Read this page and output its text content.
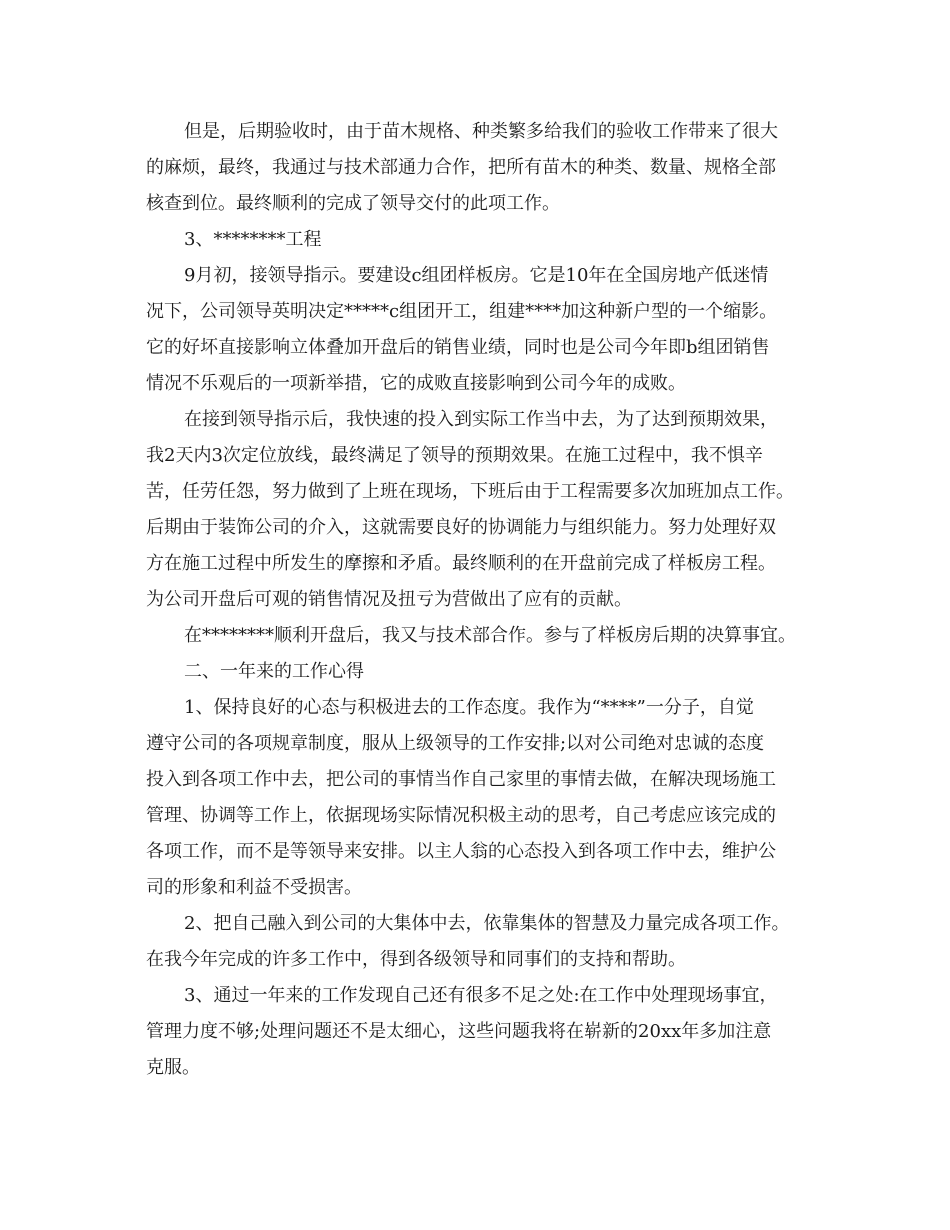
但是，后期验收时，由于苗木规格、种类繁多给我们的验收工作带来了很大
的麻烦，最终，我通过与技术部通力合作，把所有苗木的种类、数量、规格全部
核查到位。最终顺利的完成了领导交付的此项工作。
3、********工程
9月初，接领导指示。要建设c组团样板房。它是10年在全国房地产低迷情
况下，公司领导英明决定*****c组团开工，组建****加这种新户型的一个缩影。
它的好坏直接影响立体叠加开盘后的销售业绩，同时也是公司今年即b组团销售
情况不乐观后的一项新举措，它的成败直接影响到公司今年的成败。
在接到领导指示后，我快速的投入到实际工作当中去，为了达到预期效果，
我2天内3次定位放线，最终满足了领导的预期效果。在施工过程中，我不惧辛
苦，任劳任怨，努力做到了上班在现场，下班后由于工程需要多次加班加点工作。
后期由于装饰公司的介入，这就需要良好的协调能力与组织能力。努力处理好双
方在施工过程中所发生的摩擦和矛盾。最终顺利的在开盘前完成了样板房工程。
为公司开盘后可观的销售情况及扭亏为营做出了应有的贡献。
在********顺利开盘后，我又与技术部合作。参与了样板房后期的决算事宜。
二、一年来的工作心得
1、保持良好的心态与积极进去的工作态度。我作为“****”一分子，自觉
遵守公司的各项规章制度，服从上级领导的工作安排;以对公司绝对忠诚的态度
投入到各项工作中去，把公司的事情当作自己家里的事情去做，在解决现场施工
管理、协调等工作上，依据现场实际情况积极主动的思考，自己考虑应该完成的
各项工作，而不是等领导来安排。以主人翁的心态投入到各项工作中去，维护公
司的形象和利益不受损害。
2、把自己融入到公司的大集体中去，依靠集体的智慧及力量完成各项工作。
在我今年完成的许多工作中，得到各级领导和同事们的支持和帮助。
3、通过一年来的工作发现自己还有很多不足之处:在工作中处理现场事宜，
管理力度不够;处理问题还不是太细心，这些问题我将在崭新的20xx年多加注意
克服。
